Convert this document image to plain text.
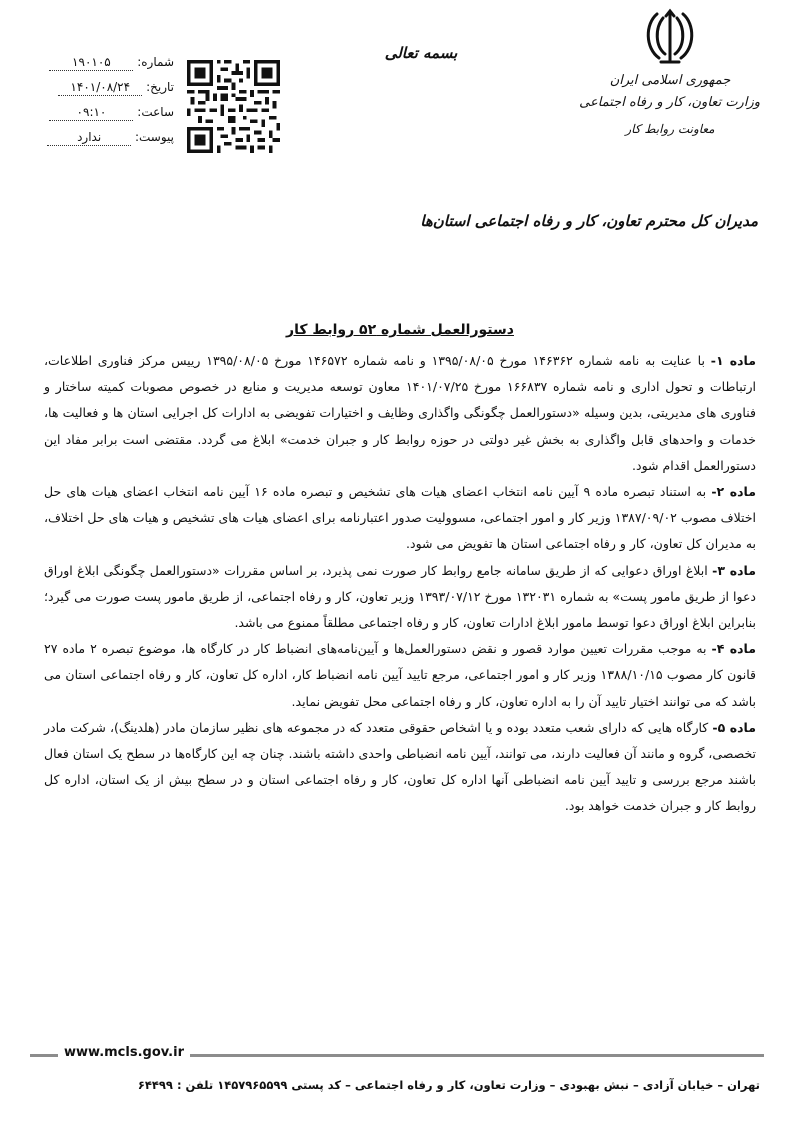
جمهوری اسلامی ایران
وزارت تعاون، کار و رفاه اجتماعی
معاونت روابط کار
بسمه تعالی
شماره: ۱۹۰۱۰۵
تاریخ: ۱۴۰۱/۰۸/۲۴
ساعت: ۰۹:۱۰
پیوست: ندارد
مدیران کل محترم تعاون، کار و رفاه اجتماعی استان‌ها
دستورالعمل شماره ۵۲ روابط کار

ماده ۱- با عنایت به نامه شماره ۱۴۶۳۶۲ مورخ ۱۳۹۵/۰۸/۰۵ و نامه شماره ۱۴۶۵۷۲ مورخ ۱۳۹۵/۰۸/۰۵ رییس مرکز فناوری اطلاعات، ارتباطات و تحول اداری و نامه شماره ۱۶۶۸۳۷ مورخ ۱۴۰۱/۰۷/۲۵ معاون توسعه مدیریت و منابع در خصوص مصوبات کمیته ساختار و فناوری های مدیریتی، بدین وسیله «دستورالعمل چگونگی واگذاری وظایف و اختیارات تفویضی به ادارات کل اجرایی استان ها و فعالیت ها، خدمات و واحدهای قابل واگذاری به بخش غیر دولتی در حوزه روابط کار و جبران خدمت» ابلاغ می گردد. مقتضی است برابر مفاد این دستورالعمل اقدام شود.

ماده ۲- به استناد تبصره ماده ۹ آیین نامه انتخاب اعضای هیات های تشخیص و تبصره ماده ۱۶ آیین نامه انتخاب اعضای هیات های حل اختلاف مصوب ۱۳۸۷/۰۹/۰۲ وزیر کار و امور اجتماعی، مسوولیت صدور اعتبارنامه برای اعضای هیات های تشخیص و هیات های حل اختلاف، به مدیران کل تعاون، کار و رفاه اجتماعی استان ها تفویض می شود.

ماده ۳- ابلاغ اوراق دعوایی که از طریق سامانه جامع روابط کار صورت نمی پذیرد، بر اساس مقررات «دستورالعمل چگونگی ابلاغ اوراق دعوا از طریق مامور پست» به شماره ۱۳۲۰۳۱ مورخ ۱۳۹۳/۰۷/۱۲ وزیر تعاون، کار و رفاه اجتماعی، از طریق مامور پست صورت می گیرد؛ بنابراین ابلاغ اوراق دعوا توسط مامور ابلاغ ادارات تعاون، کار و رفاه اجتماعی مطلقاً ممنوع می باشد.

ماده ۴- به موجب مقررات تعیین موارد قصور و نقض دستورالعمل‌ها و آیین‌نامه‌های انضباط کار در کارگاه ها، موضوع تبصره ۲ ماده ۲۷ قانون کار مصوب ۱۳۸۸/۱۰/۱۵ وزیر کار و امور اجتماعی، مرجع تایید آیین نامه انضباط کار، اداره کل تعاون، کار و رفاه اجتماعی استان می باشد که می توانند اختیار تایید آن را به اداره تعاون، کار و رفاه اجتماعی محل تفویض نماید.

ماده ۵- کارگاه هایی که دارای شعب متعدد بوده و یا اشخاص حقوقی متعدد که در مجموعه های نظیر سازمان مادر (هلدینگ)، شرکت مادر تخصصی، گروه و مانند آن فعالیت دارند، می توانند، آیین نامه انضباطی واحدی داشته باشند. چنان چه این کارگاه‌ها در سطح یک استان فعال باشند مرجع بررسی و تایید آیین نامه انضباطی آنها اداره کل تعاون، کار و رفاه اجتماعی استان و در سطح بیش از یک استان، اداره کل روابط کار و جبران خدمت خواهد بود.

www.mcls.gov.ir
تهران – خیابان آزادی – نبش بهبودی – وزارت تعاون، کار و رفاه اجتماعی – کد پستی ۱۴۵۷۹۶۵۵۹۹ تلفن : ۶۴۴۹۹
